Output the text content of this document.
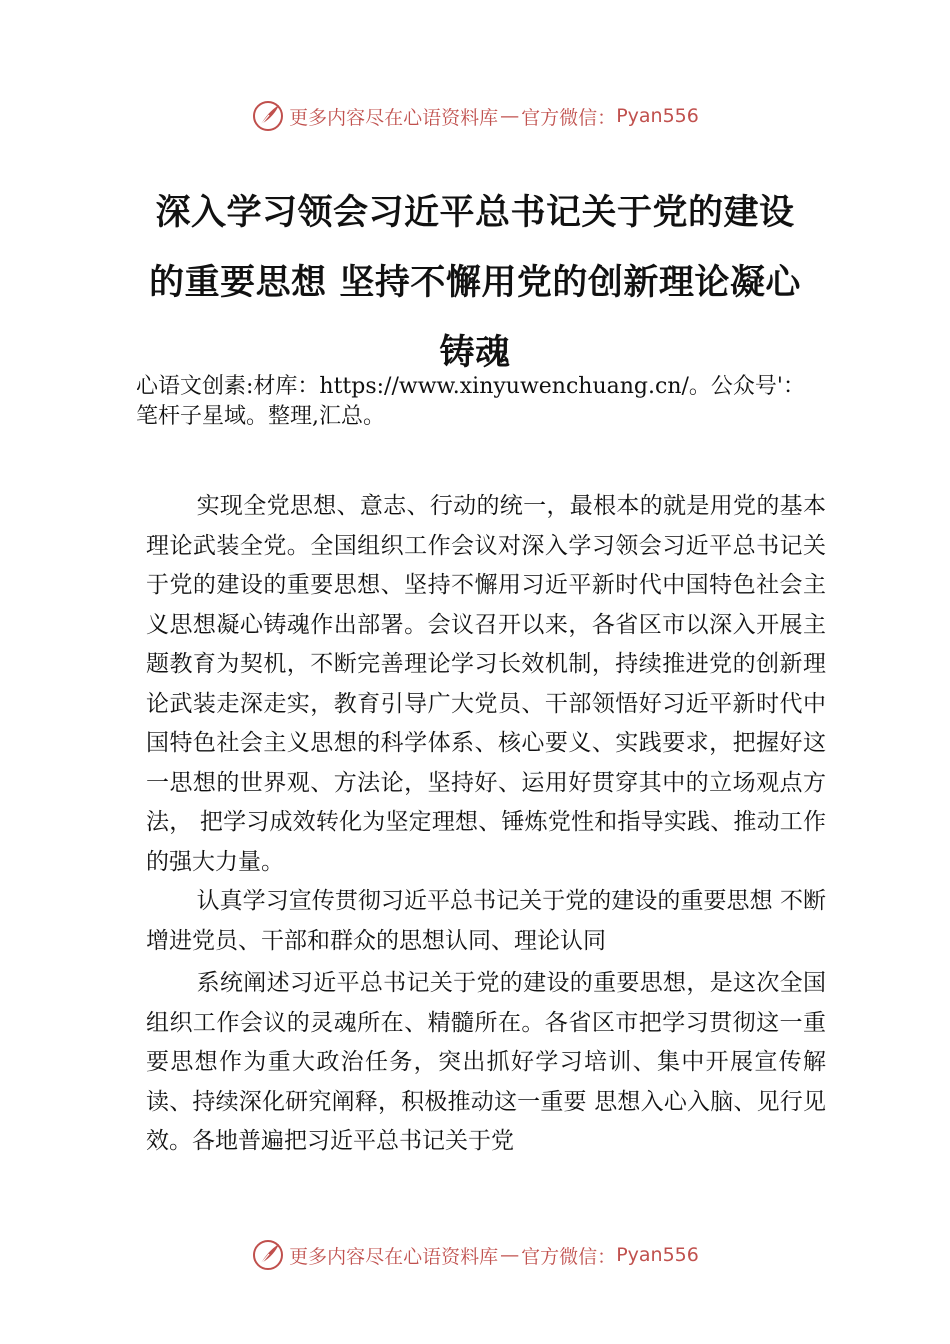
更多内容尽在心语资料库 — 官方微信： Pyan556
深入学习领会习近平总书记关于党的建设的重要思想 坚持不懈用党的创新理论凝心铸魂
心语文创素:材库：https://www.xinyuwenchuang.cn/。公众号'：笔杆子星域。整理,汇总。

实现全党思想、意志、行动的统一，最根本的就是用党的基本理论武装全党。全国组织工作会议对深入学习领会习近平总书记关于党的建设的重要思想、坚持不懈用习近平新时代中国特色社会主义思想凝心铸魂作出部署。会议召开以来，各省区市以深入开展主题教育为契机，不断完善理论学习长效机制，持续推进党的创新理论武装走深走实，教育引导广大党员、干部领悟好习近平新时代中国特色社会主义思想的科学体系、核心要义、实践要求，把握好这一思想的世界观、方法论，坚持好、运用好贯穿其中的立场观点方法， 把学习成效转化为坚定理想、锤炼党性和指导实践、推动工作的强大力量。

认真学习宣传贯彻习近平总书记关于党的建设的重要思想 不断增进党员、干部和群众的思想认同、理论认同

系统阐述习近平总书记关于党的建设的重要思想，是这次全国组织工作会议的灵魂所在、精髓所在。各省区市把学习贯彻这一重要思想作为重大政治任务，突出抓好学习培训、集中开展宣传解读、持续深化研究阐释，积极推动这一重要 思想入心入脑、见行见效。各地普遍把习近平总书记关于党

更多内容尽在心语资料库 — 官方微信： Pyan556
